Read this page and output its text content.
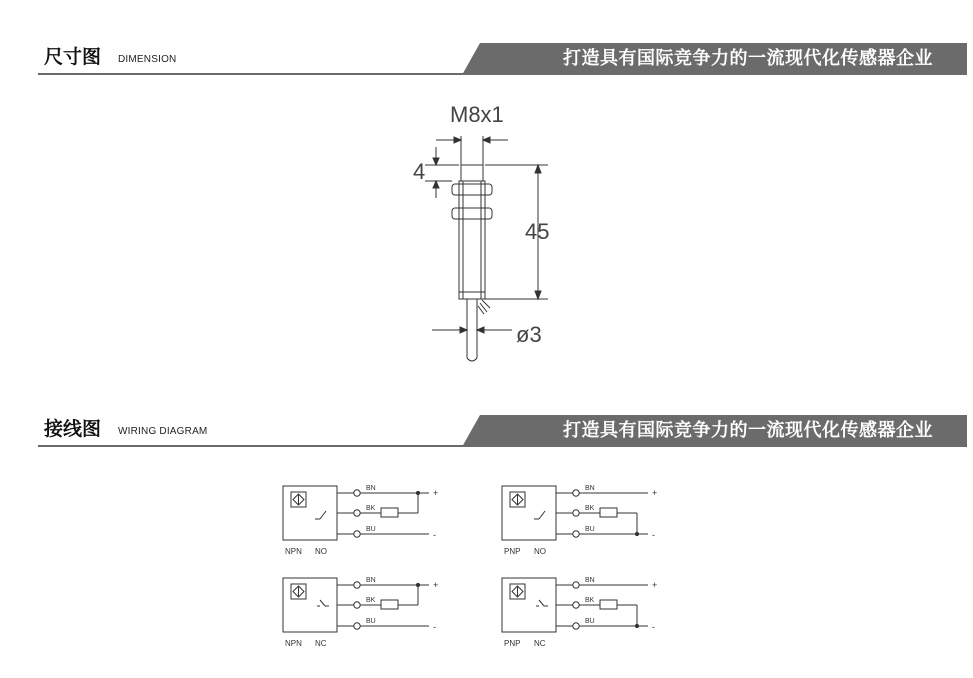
尺寸图 DIMENSION	打造具有国际竞争力的一流现代化传感器企业
M8x1
4
45
ø3
接线图 WIRING DIAGRAM	打造具有国际竞争力的一流现代化传感器企业
BN
BK
BU
+
-
NPN NO
BN
BK
BU
+
-
PNP NO
BN
BK
BU
+
-
NPN NC
BN
BK
BU
+
-
PNP NC
